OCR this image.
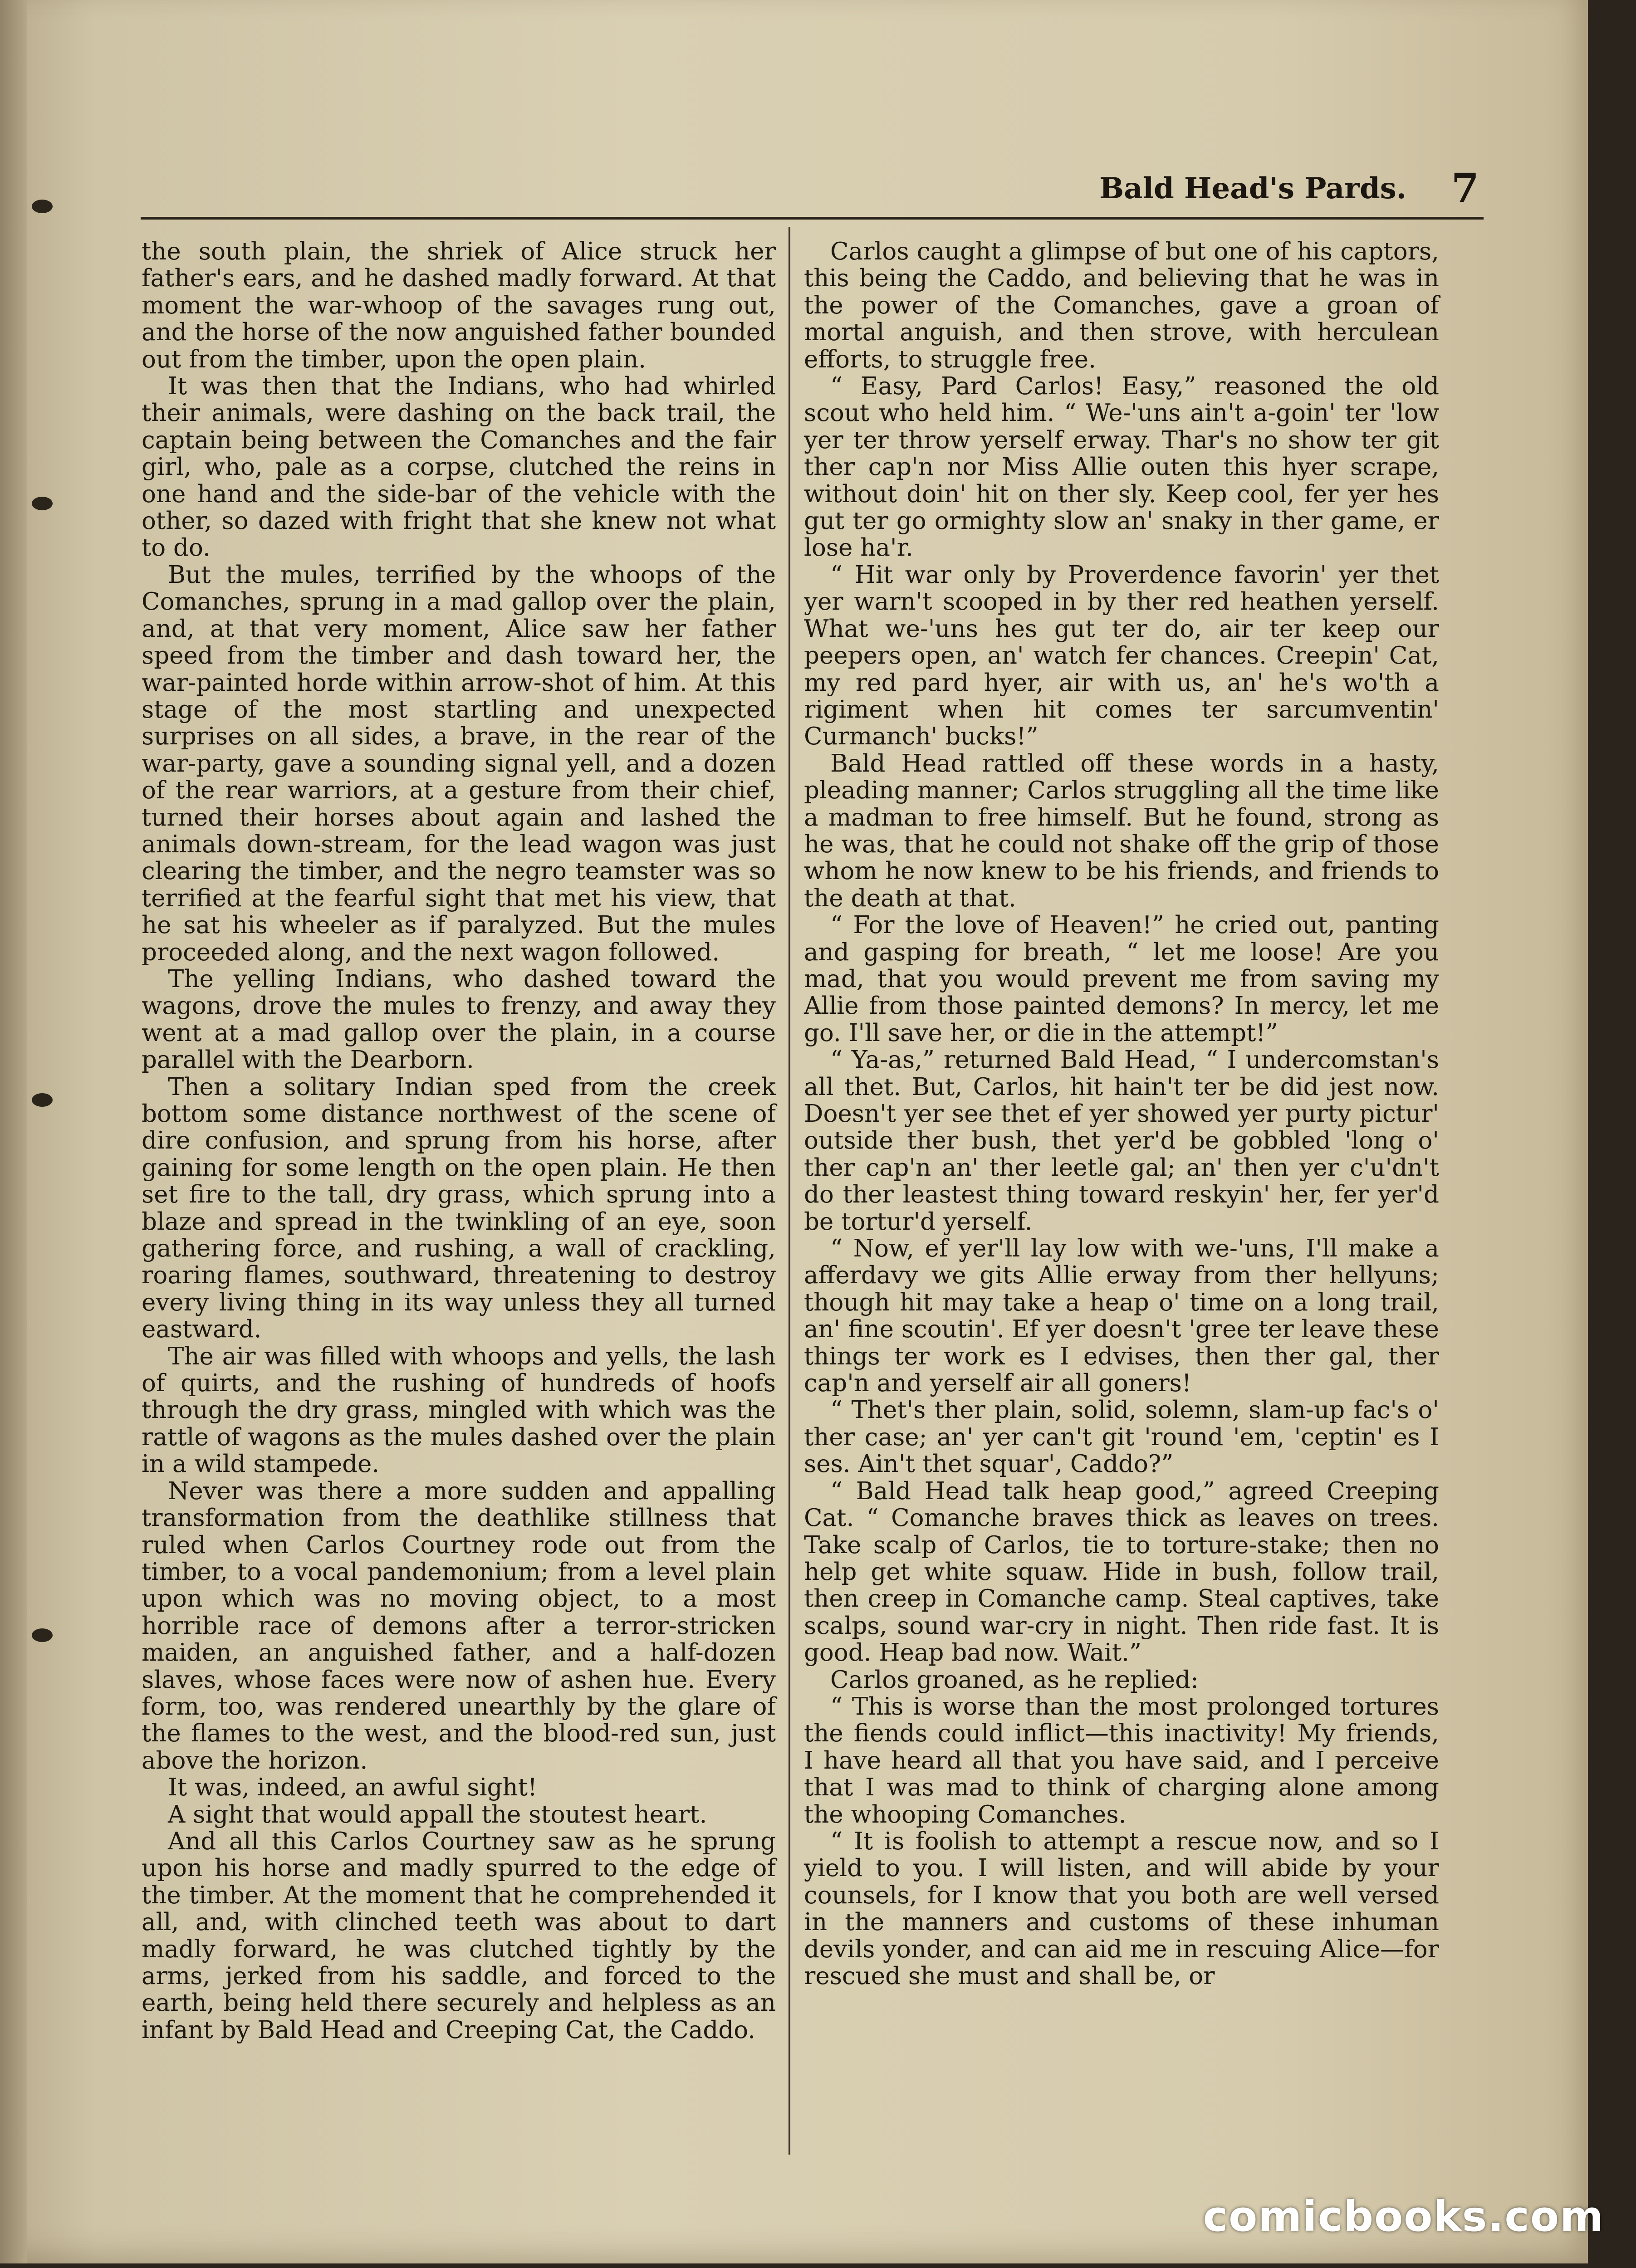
Bald Head's Pards. 7

the south plain, the shriek of Alice struck her father's ears, and he dashed madly forward. At that moment the war-whoop of the savages rung out, and the horse of the now anguished father bounded out from the timber, upon the open plain.

It was then that the Indians, who had whirled their animals, were dashing on the back trail, the captain being between the Comanches and the fair girl, who, pale as a corpse, clutched the reins in one hand and the side-bar of the vehicle with the other, so dazed with fright that she knew not what to do.

But the mules, terrified by the whoops of the Comanches, sprung in a mad gallop over the plain, and, at that very moment, Alice saw her father speed from the timber and dash toward her, the war-painted horde within arrow-shot of him. At this stage of the most startling and unexpected surprises on all sides, a brave, in the rear of the war-party, gave a sounding signal yell, and a dozen of the rear warriors, at a gesture from their chief, turned their horses about again and lashed the animals down-stream, for the lead wagon was just clearing the timber, and the negro teamster was so terrified at the fearful sight that met his view, that he sat his wheeler as if paralyzed. But the mules proceeded along, and the next wagon followed.

The yelling Indians, who dashed toward the wagons, drove the mules to frenzy, and away they went at a mad gallop over the plain, in a course parallel with the Dearborn.

Then a solitary Indian sped from the creek bottom some distance northwest of the scene of dire confusion, and sprung from his horse, after gaining for some length on the open plain. He then set fire to the tall, dry grass, which sprung into a blaze and spread in the twinkling of an eye, soon gathering force, and rushing, a wall of crackling, roaring flames, southward, threatening to destroy every living thing in its way unless they all turned eastward.

The air was filled with whoops and yells, the lash of quirts, and the rushing of hundreds of hoofs through the dry grass, mingled with which was the rattle of wagons as the mules dashed over the plain in a wild stampede.

Never was there a more sudden and appalling transformation from the deathlike stillness that ruled when Carlos Courtney rode out from the timber, to a vocal pandemonium; from a level plain upon which was no moving object, to a most horrible race of demons after a terror-stricken maiden, an anguished father, and a half-dozen slaves, whose faces were now of ashen hue. Every form, too, was rendered unearthly by the glare of the flames to the west, and the blood-red sun, just above the horizon.

It was, indeed, an awful sight!

A sight that would appall the stoutest heart.

And all this Carlos Courtney saw as he sprung upon his horse and madly spurred to the edge of the timber. At the moment that he comprehended it all, and, with clinched teeth was about to dart madly forward, he was clutched tightly by the arms, jerked from his saddle, and forced to the earth, being held there securely and helpless as an infant by Bald Head and Creeping Cat, the Caddo.

Carlos caught a glimpse of but one of his captors, this being the Caddo, and believing that he was in the power of the Comanches, gave a groan of mortal anguish, and then strove, with herculean efforts, to struggle free.

“ Easy, Pard Carlos! Easy,” reasoned the old scout who held him. “ We-'uns ain't a-goin' ter 'low yer ter throw yerself erway. Thar's no show ter git ther cap'n nor Miss Allie outen this hyer scrape, without doin' hit on ther sly. Keep cool, fer yer hes gut ter go ormighty slow an' snaky in ther game, er lose ha'r.

“ Hit war only by Proverdence favorin' yer thet yer warn't scooped in by ther red heathen yerself. What we-'uns hes gut ter do, air ter keep our peepers open, an' watch fer chances. Creepin' Cat, my red pard hyer, air with us, an' he's wo'th a rigiment when hit comes ter sarcumventin' Curmanch' bucks!”

Bald Head rattled off these words in a hasty, pleading manner; Carlos struggling all the time like a madman to free himself. But he found, strong as he was, that he could not shake off the grip of those whom he now knew to be his friends, and friends to the death at that.

“ For the love of Heaven!” he cried out, panting and gasping for breath, “ let me loose! Are you mad, that you would prevent me from saving my Allie from those painted demons? In mercy, let me go. I'll save her, or die in the attempt!”

“ Ya-as,” returned Bald Head, “ I undercomstan's all thet. But, Carlos, hit hain't ter be did jest now. Doesn't yer see thet ef yer showed yer purty pictur' outside ther bush, thet yer'd be gobbled 'long o' ther cap'n an' ther leetle gal; an' then yer c'u'dn't do ther leastest thing toward reskyin' her, fer yer'd be tortur'd yerself.

“ Now, ef yer'll lay low with we-'uns, I'll make a afferdavy we gits Allie erway from ther hellyuns; though hit may take a heap o' time on a long trail, an' fine scoutin'. Ef yer doesn't 'gree ter leave these things ter work es I edvises, then ther gal, ther cap'n and yerself air all goners!

“ Thet's ther plain, solid, solemn, slam-up fac's o' ther case; an' yer can't git 'round 'em, 'ceptin' es I ses. Ain't thet squar', Caddo?”

“ Bald Head talk heap good,” agreed Creeping Cat. “ Comanche braves thick as leaves on trees. Take scalp of Carlos, tie to torture-stake; then no help get white squaw. Hide in bush, follow trail, then creep in Comanche camp. Steal captives, take scalps, sound war-cry in night. Then ride fast. It is good. Heap bad now. Wait.”

Carlos groaned, as he replied:

“ This is worse than the most prolonged tortures the fiends could inflict—this inactivity! My friends, I have heard all that you have said, and I perceive that I was mad to think of charging alone among the whooping Comanches.

“ It is foolish to attempt a rescue now, and so I yield to you. I will listen, and will abide by your counsels, for I know that you both are well versed in the manners and customs of these inhuman devils yonder, and can aid me in rescuing Alice—for rescued she must and shall be, or

comicbooks.com
